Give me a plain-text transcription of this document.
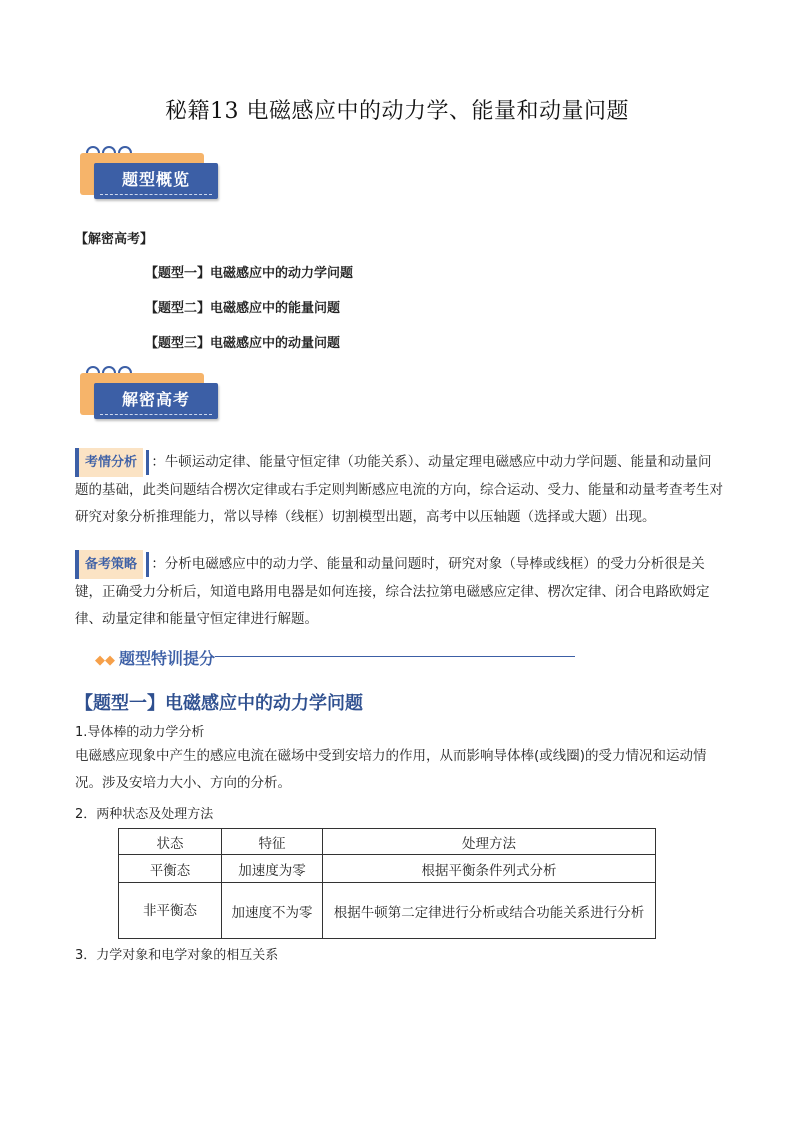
秘籍13 电磁感应中的动力学、能量和动量问题
题型概览
【解密高考】
【题型一】电磁感应中的动力学问题
【题型二】电磁感应中的能量问题
【题型三】电磁感应中的动量问题
解密高考
考情分析 ：牛顿运动定律、能量守恒定律（功能关系）、动量定理电磁感应中动力学问题、能量和动量问题的基础，此类问题结合楞次定律或右手定则判断感应电流的方向，综合运动、受力、能量和动量考查考生对研究对象分析推理能力，常以导棒（线框）切割模型出题，高考中以压轴题（选择或大题）出现。
备考策略 ：分析电磁感应中的动力学、能量和动量问题时，研究对象（导棒或线框）的受力分析很是关键，正确受力分析后，知道电路用电器是如何连接，综合法拉第电磁感应定律、楞次定律、闭合电路欧姆定律、动量定律和能量守恒定律进行解题。
◆◆ 题型特训提分
【题型一】电磁感应中的动力学问题
1.导体棒的动力学分析
电磁感应现象中产生的感应电流在磁场中受到安培力的作用，从而影响导体棒(或线圈)的受力情况和运动情况。涉及安培力大小、方向的分析。
2．两种状态及处理方法
状态	特征	处理方法
平衡态	加速度为零	根据平衡条件列式分析
非平衡态	加速度不为零	根据牛顿第二定律进行分析或结合功能关系进行分析
3．力学对象和电学对象的相互关系
